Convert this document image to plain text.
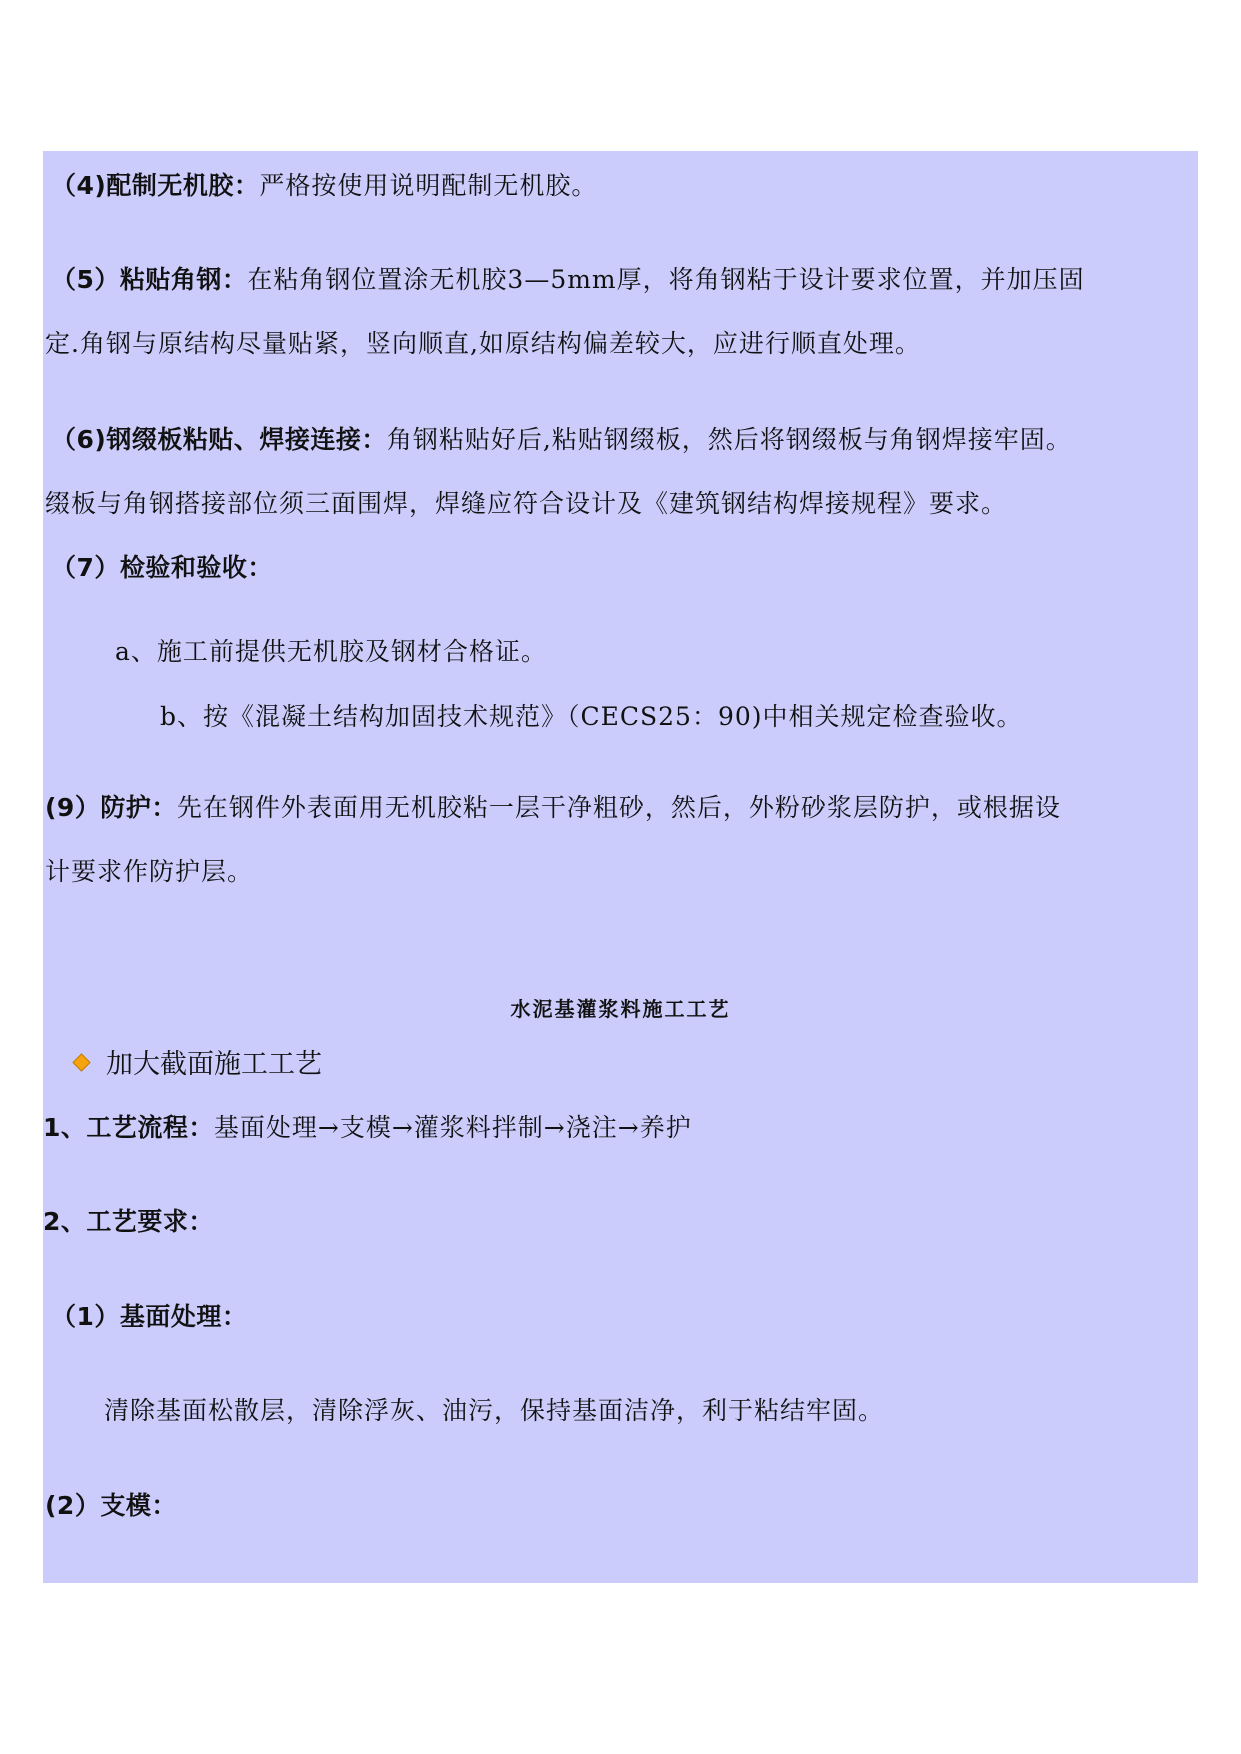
（4)配制无机胶：严格按使用说明配制无机胶。
（5）粘贴角钢：在粘角钢位置涂无机胶3—5mm厚，将角钢粘于设计要求位置，并加压固
定.角钢与原结构尽量贴紧，竖向顺直,如原结构偏差较大，应进行顺直处理。
（6)钢缀板粘贴、焊接连接：角钢粘贴好后,粘贴钢缀板，然后将钢缀板与角钢焊接牢固。
缀板与角钢搭接部位须三面围焊，焊缝应符合设计及《建筑钢结构焊接规程》要求。
（7）检验和验收：
a、施工前提供无机胶及钢材合格证。
b、按《混凝土结构加固技术规范》（CECS25：90)中相关规定检查验收。
(9）防护：先在钢件外表面用无机胶粘一层干净粗砂，然后，外粉砂浆层防护，或根据设
计要求作防护层。
水泥基灌浆料施工工艺
加大截面施工工艺
1、工艺流程：基面处理→支模→灌浆料拌制→浇注→养护
2、工艺要求：
（1）基面处理：
清除基面松散层，清除浮灰、油污，保持基面洁净，利于粘结牢固。
(2）支模：
